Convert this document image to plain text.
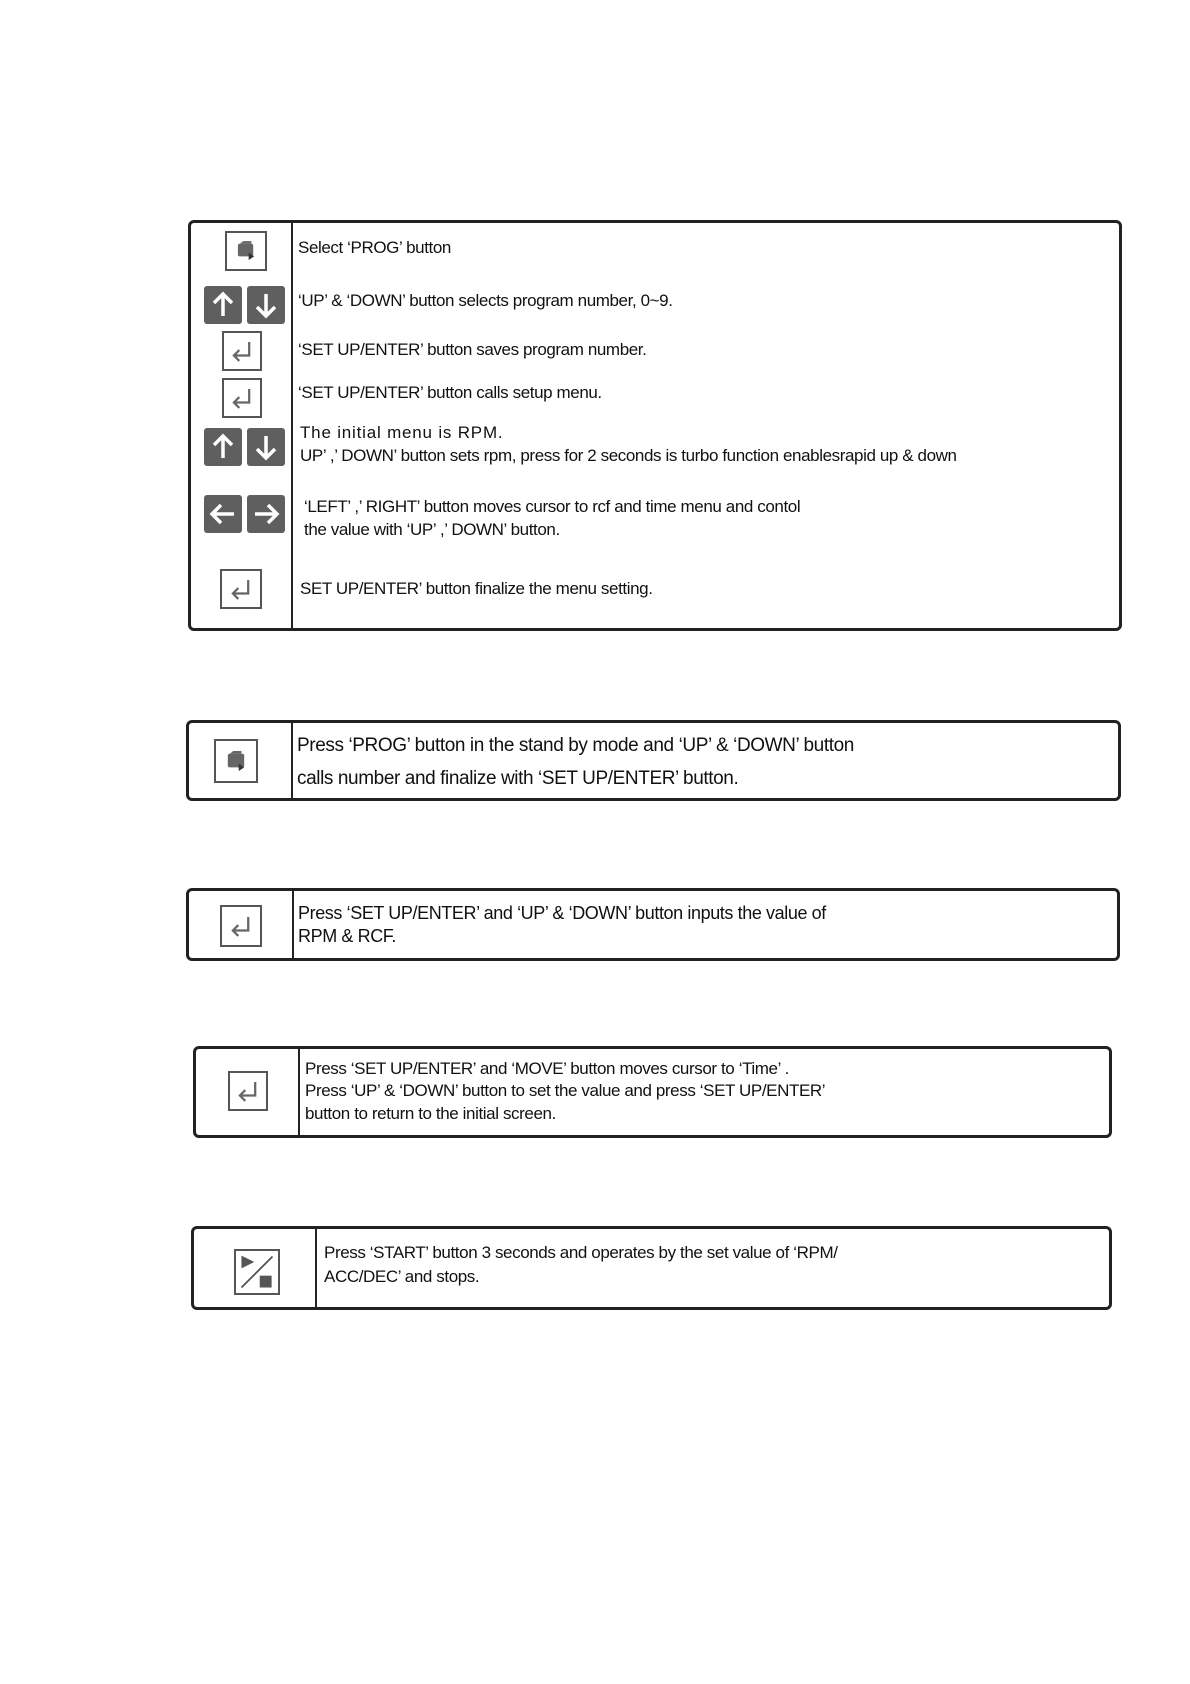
Select ‘PROG’ button
‘UP’ & ‘DOWN’ button selects program number, 0~9.
‘SET UP/ENTER’ button saves program number.
‘SET UP/ENTER’ button calls setup menu.
The initial menu is RPM.
UP’ ,’ DOWN’ button sets rpm, press for 2 seconds is turbo function enablesrapid up & down
‘LEFT’ ,’ RIGHT’ button moves cursor to rcf and time menu and contol
the value with ‘UP’ ,’ DOWN’ button.
SET UP/ENTER’ button finalize the menu setting.
Press ‘PROG’ button in the stand by mode and ‘UP’ & ‘DOWN’ button
calls number and finalize with ‘SET UP/ENTER’ button.
Press ‘SET UP/ENTER’ and ‘UP’ & ‘DOWN’ button inputs the value of
RPM & RCF.
Press ‘SET UP/ENTER’ and ‘MOVE’ button moves cursor to ‘Time’ .
Press ‘UP’ & ‘DOWN’ button to set the value and press ‘SET UP/ENTER’
button to return to the initial screen.
Press ‘START’ button 3 seconds and operates by the set value of ‘RPM/
ACC/DEC’ and stops.
